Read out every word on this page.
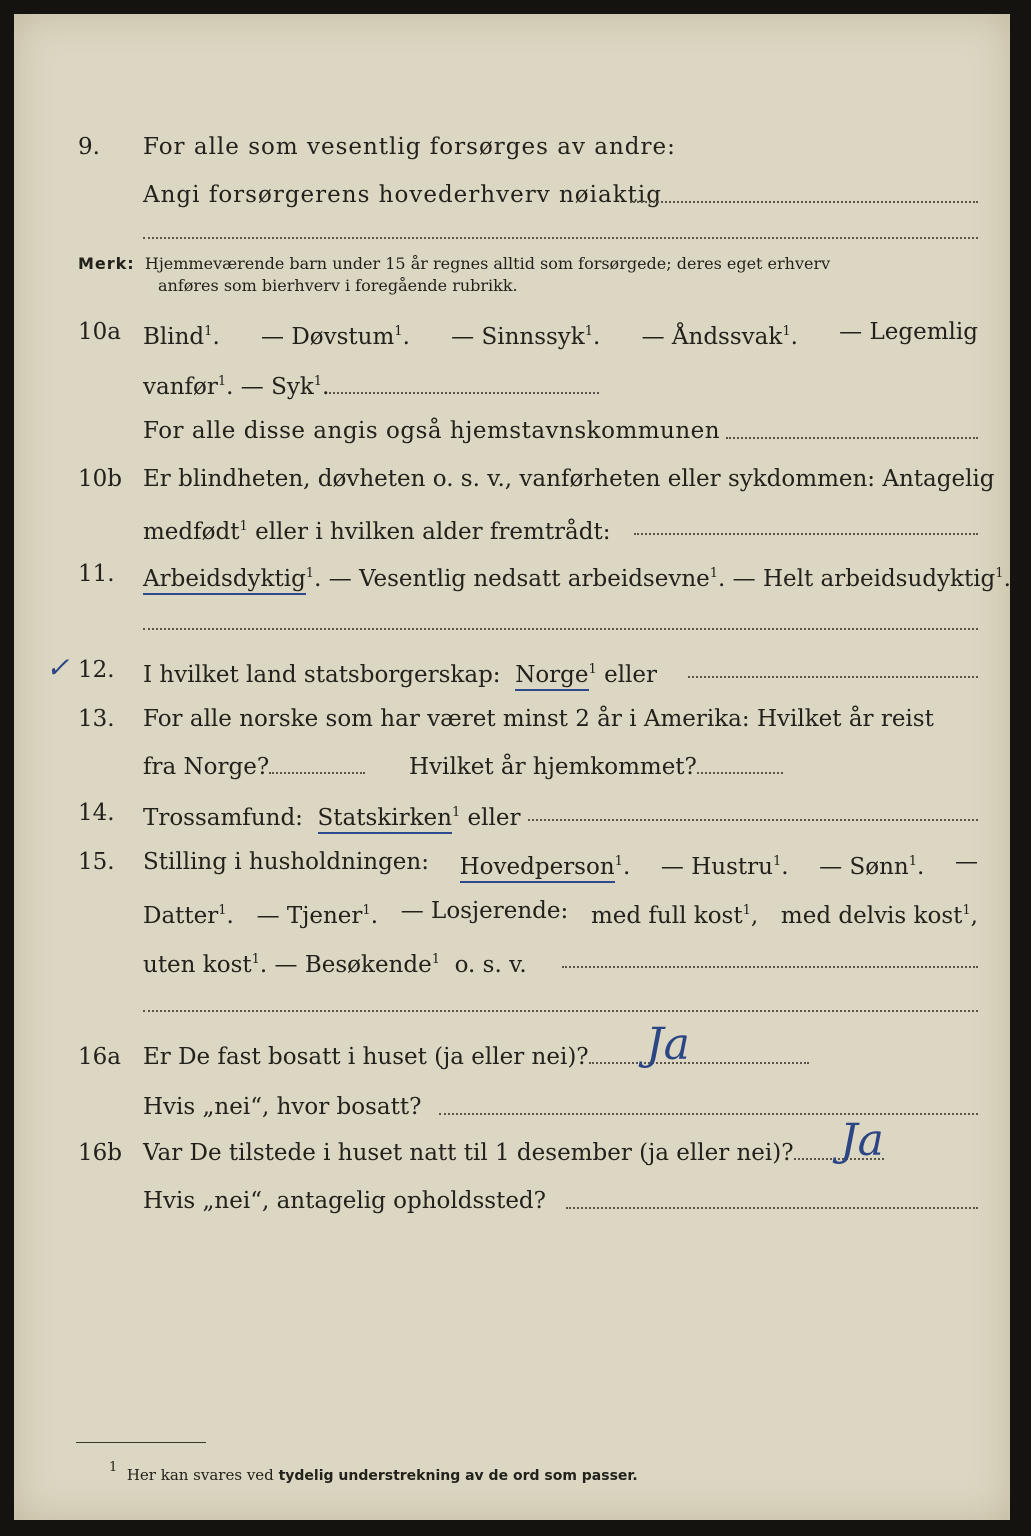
9. For alle som vesentlig forsørges av andre:
Angi forsørgerens hovederhverv nøiaktig
Merk: Hjemmeværende barn under 15 år regnes alltid som forsørgede; deres eget erhverv
anføres som bierhverv i foregående rubrikk.
10a Blind$^1$. — Døvstum$^1$. — Sinnssyk$^1$. — Åndssvak$^1$. — Legemlig
vanfør$^1$. — Syk$^1$.
For alle disse angis også hjemstavnskommunen
10b Er blindheten, døvheten o. s. v., vanførheten eller sykdommen: Antagelig
medfødt$^1$ eller i hvilken alder fremtrådt:
11. Arbeidsdyktig$^1$. — Vesentlig nedsatt arbeidsevne$^1$. — Helt arbeidsudyktig$^1$.
✓ 12. I hvilket land statsborgerskap: Norge$^1$ eller
13. For alle norske som har været minst 2 år i Amerika: Hvilket år reist
fra Norge?	Hvilket år hjemkommet?
14. Trossamfund: Statskirken$^1$ eller
15. Stilling i husholdningen: Hovedperson$^1$. — Hustru$^1$. — Sønn$^1$. —
Datter$^1$. — Tjener$^1$. — Losjerende: med full kost$^1$, med delvis kost$^1$,
uten kost$^1$. — Besøkende$^1$ o. s. v.
16a Er De fast bosatt i huset (ja eller nei)?	Ja
Hvis „nei“, hvor bosatt?
16b Var De tilstede i huset natt til 1 desember (ja eller nei)?	Ja
Hvis „nei“, antagelig opholdssted?
1 Her kan svares ved tydelig understrekning av de ord som passer.
